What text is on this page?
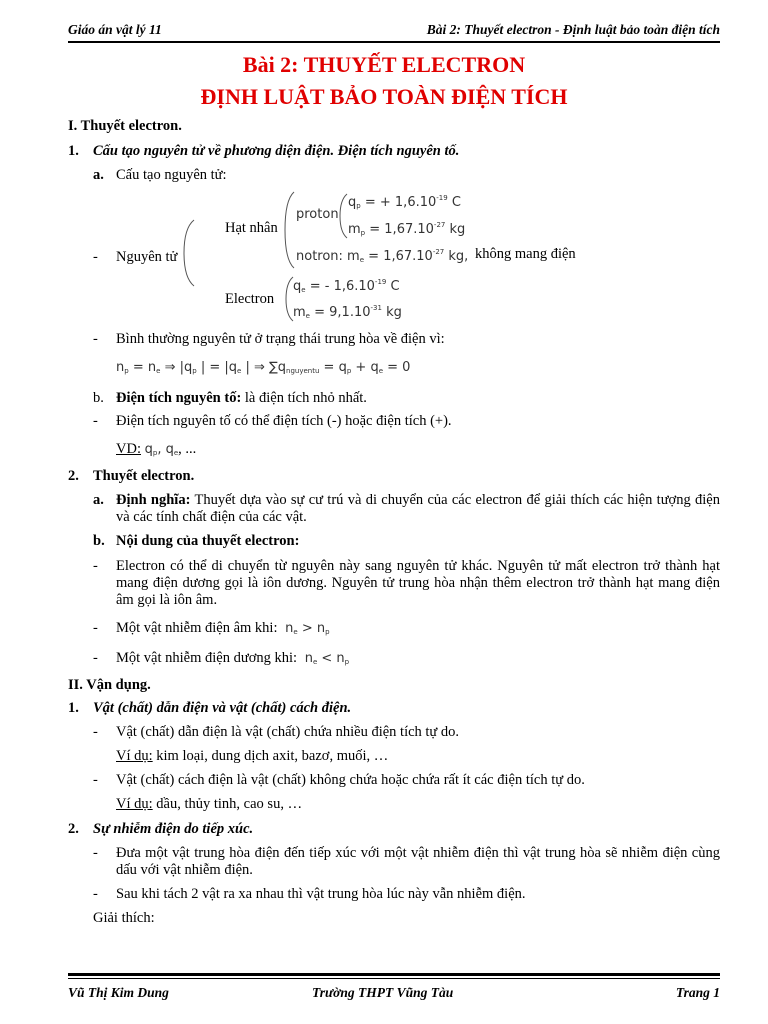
Giáo án vật lý 11	Bài 2: Thuyết electron - Định luật bảo toàn điện tích
Bài 2: THUYẾT ELECTRON
ĐỊNH LUẬT BẢO TOÀN ĐIỆN TÍCH
I. Thuyết electron.
1. Cấu tạo nguyên tử về phương diện điện. Điện tích nguyên tố.
a. Cấu tạo nguyên tử:
- Nguyên tử
Hạt nhân
proton
$q_p$ = + $1,6.10^{-19}$ C
$m_p = 1,67.10^{-27}$ kg
notron: $m_e = 1,67.10^{-27}$ kg, không mang điện
Electron
$q_e$ = - $1,6.10^{-19}$ C
$m_e = 9,1.10^{-31}$ kg
- Bình thường nguyên tử ở trạng thái trung hòa về điện vì:
$n_p = n_e$ ⇒ $|q_p$ | = $|q_e$ | ⇒ $\sum q_{nguyentu} = q_p + q_e = 0$
b. Điện tích nguyên tố: là điện tích nhỏ nhất.
- Điện tích nguyên tố có thể điện tích (-) hoặc điện tích (+).
VD: $q_p$, $q_e$, ...
2. Thuyết electron.
a. Định nghĩa: Thuyết dựa vào sự cư trú và di chuyển của các electron để giải thích các hiện tượng điện và các tính chất điện của các vật.
b. Nội dung của thuyết electron:
- Electron có thể di chuyển từ nguyên này sang nguyên tử khác. Nguyên tử mất electron trở thành hạt mang điện dương gọi là iôn dương. Nguyên tử trung hòa nhận thêm electron trở thành hạt mang điện âm gọi là iôn âm.
- Một vật nhiễm điện âm khi: $n_e > n_p$
- Một vật nhiễm điện dương khi: $n_e < n_p$
II. Vận dụng.
1. Vật (chất) dẫn điện và vật (chất) cách điện.
- Vật (chất) dẫn điện là vật (chất) chứa nhiều điện tích tự do.
Ví dụ: kim loại, dung dịch axit, bazơ, muối, …
- Vật (chất) cách điện là vật (chất) không chứa hoặc chứa rất ít các điện tích tự do.
Ví dụ: dầu, thủy tinh, cao su, …
2. Sự nhiễm điện do tiếp xúc.
- Đưa một vật trung hòa điện đến tiếp xúc với một vật nhiễm điện thì vật trung hòa sẽ nhiễm điện cùng dấu với vật nhiễm điện.
- Sau khi tách 2 vật ra xa nhau thì vật trung hòa lúc này vẫn nhiễm điện.
Giải thích:
Vũ Thị Kim Dung	Trường THPT Vũng Tàu	Trang 1
